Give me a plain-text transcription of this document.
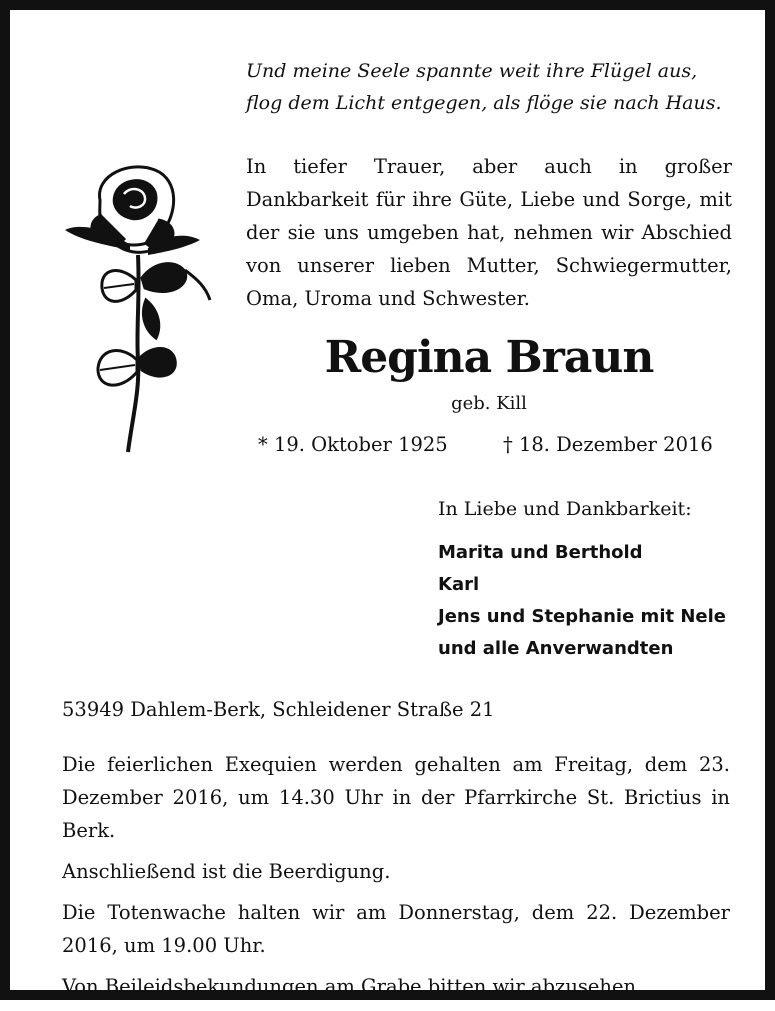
Und meine Seele spannte weit ihre Flügel aus,
flog dem Licht entgegen, als flöge sie nach Haus.
In tiefer Trauer, aber auch in großer Dankbarkeit für ihre Güte, Liebe und Sorge, mit der sie uns umgeben hat, nehmen wir Abschied von unserer lieben Mutter, Schwiegermutter, Oma, Uroma und Schwester.
Regina Braun
geb. Kill
* 19. Oktober 1925	† 18. Dezember 2016
In Liebe und Dankbarkeit:
Marita und Berthold
Karl
Jens und Stephanie mit Nele
und alle Anverwandten
53949 Dahlem-Berk, Schleidener Straße 21

Die feierlichen Exequien werden gehalten am Freitag, dem 23. Dezember 2016, um 14.30 Uhr in der Pfarrkirche St. Brictius in Berk.

Anschließend ist die Beerdigung.

Die Totenwache halten wir am Donnerstag, dem 22. Dezember 2016, um 19.00 Uhr.

Von Beileidsbekundungen am Grabe bitten wir abzusehen.
